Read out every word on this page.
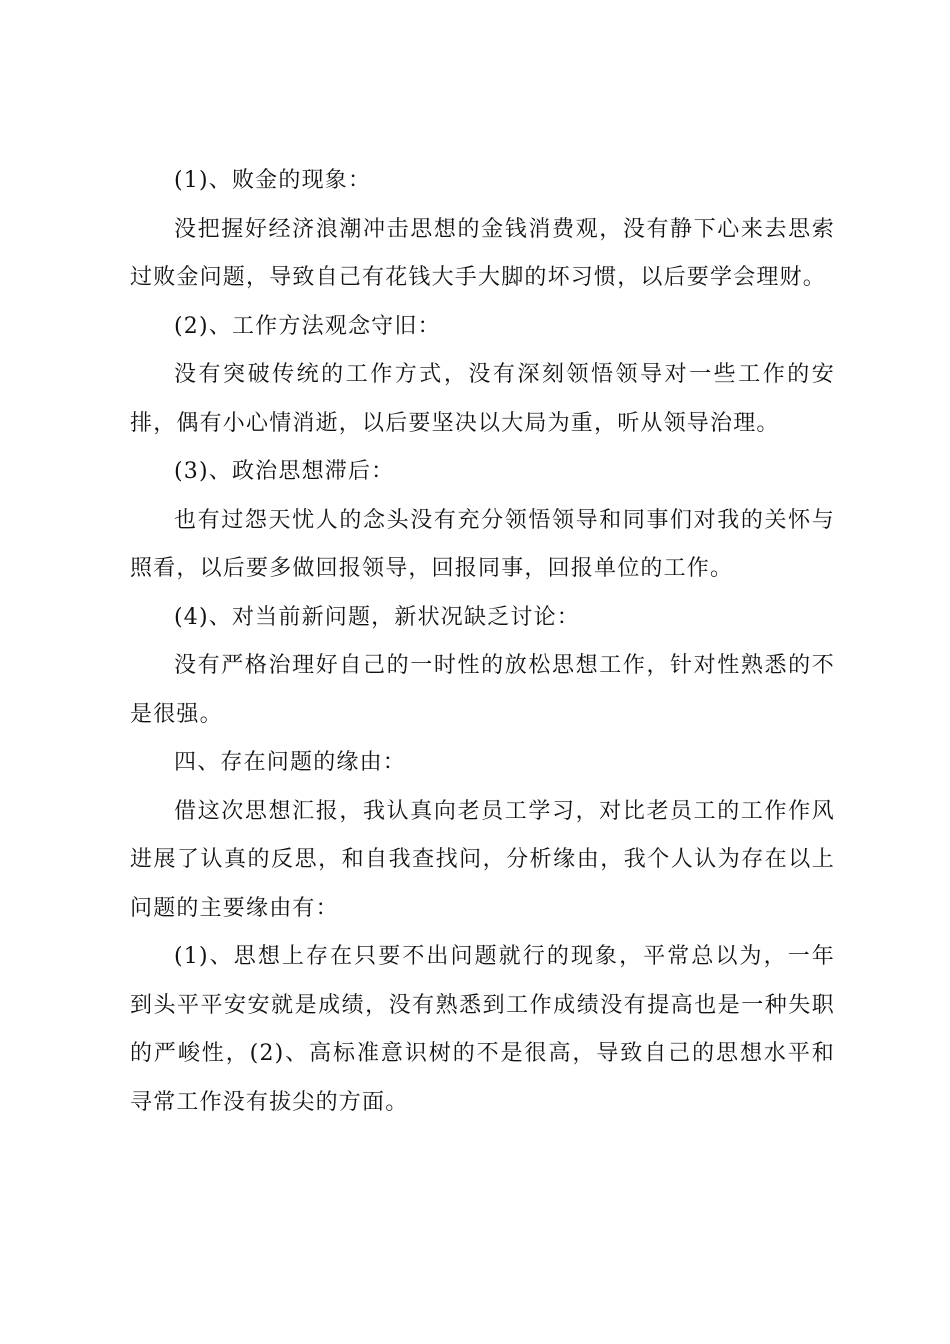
(1)、败金的现象：

没把握好经济浪潮冲击思想的金钱消费观，没有静下心来去思索过败金问题，导致自己有花钱大手大脚的坏习惯，以后要学会理财。

(2)、工作方法观念守旧：

没有突破传统的工作方式，没有深刻领悟领导对一些工作的安排，偶有小心情消逝，以后要坚决以大局为重，听从领导治理。

(3)、政治思想滞后：

也有过怨天忧人的念头没有充分领悟领导和同事们对我的关怀与照看，以后要多做回报领导，回报同事，回报单位的工作。

(4)、对当前新问题，新状况缺乏讨论：

没有严格治理好自己的一时性的放松思想工作，针对性熟悉的不是很强。

四、存在问题的缘由：

借这次思想汇报，我认真向老员工学习，对比老员工的工作作风进展了认真的反思，和自我查找问，分析缘由，我个人认为存在以上问题的主要缘由有：

(1)、思想上存在只要不出问题就行的现象，平常总以为，一年到头平平安安就是成绩，没有熟悉到工作成绩没有提高也是一种失职的严峻性，(2)、高标准意识树的不是很高，导致自己的思想水平和寻常工作没有拔尖的方面。
